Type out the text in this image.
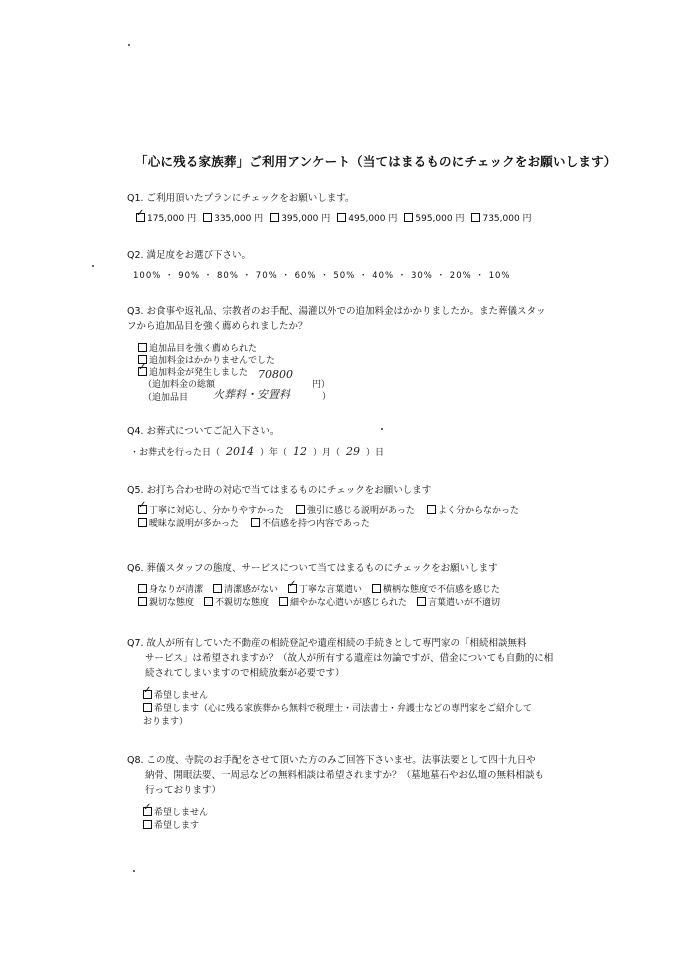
「心に残る家族葬」ご利用アンケート（当てはまるものにチェックをお願いします）
Q1. ご利用頂いたプランにチェックをお願いします。
✓
175,000 円 335,000 円 395,000 円 495,000 円 595,000 円 735,000 円
Q2. 満足度をお選び下さい。
100% ・ 90% ・ 80% ・ 70% ・ 60% ・ 50% ・ 40% ・ 30% ・ 20% ・ 10%
Q3. お食事や返礼品、宗教者のお手配、湯灌以外での追加料金はかかりましたか。また葬儀スタッ
フから追加品目を強く薦められましたか？
追加品目を強く薦められた
追加料金はかかりませんでした
✓追加料金が発生しました
（追加料金の総額
70800
円）
（追加品目 火葬料・安置料	）
Q4. お葬式についてご記入下さい。
・お葬式を行った日（ 2014 ）年（ 12 ）月（ 29 ）日
Q5. お打ち合わせ時の対応で当てはまるものにチェックをお願いします
✓
丁寧に対応し、分かりやすかった	強引に感じる説明があった	よく分からなかった
曖昧な説明が多かった	不信感を持つ内容であった
Q6. 葬儀スタッフの態度、サービスについて当てはまるものにチェックをお願いします
身なりが清潔 清潔感がない
✓ 丁寧な言葉遣い 横柄な態度で不信感を感じた
親切な態度 不親切な態度 細やかな心遣いが感じられた 言葉遣いが不適切
Q7. 故人が所有していた不動産の相続登記や遺産相続の手続きとして専門家の「相続相談無料
サービス」は希望されますか？（故人が所有する遺産は勿論ですが、借金についても自動的に相
続されてしまいますので相続放棄が必要です）
✓希望しません
希望します（心に残る家族葬から無料で税理士・司法書士・弁護士などの専門家をご紹介して
おります）
Q8. この度、寺院のお手配をさせて頂いた方のみご回答下さいませ。法事法要として四十九日や
納骨、開眼法要、一周忌などの無料相談は希望されますか？（墓地墓石やお仏壇の無料相談も
行っております）
✓希望しません
希望します
